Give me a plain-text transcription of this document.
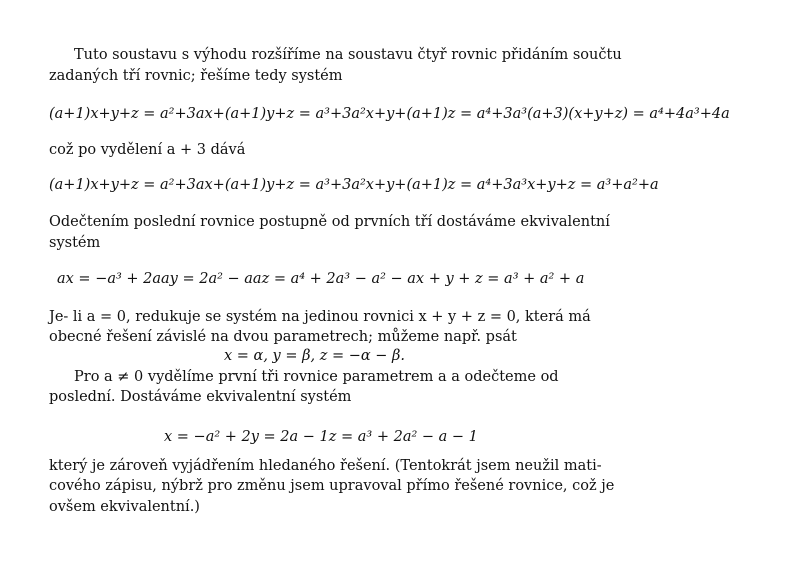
Tuto soustavu s výhodu rozšíříme na soustavu čtyř rovnic přidáním součtu
zadaných tří rovnic; řešíme tedy systém
(a+1)x+y+z = a²+3ax+(a+1)y+z = a³+3a²x+y+(a+1)z = a⁴+3a³(a+3)(x+y+z) = a⁴+4a³+4a
což po vydělení a + 3 dává
(a+1)x+y+z = a²+3ax+(a+1)y+z = a³+3a²x+y+(a+1)z = a⁴+3a³x+y+z = a³+a²+a
Odečtením poslední rovnice postupně od prvních tří dostáváme ekvivalentní
systém
ax = −a³ + 2aay = 2a² − aaz = a⁴ + 2a³ − a² − ax + y + z = a³ + a² + a
Je- li a = 0, redukuje se systém na jedinou rovnici x + y + z = 0, která má
obecné řešení závislé na dvou parametrech; můžeme např. psát
x = α, y = β, z = −α − β.
Pro a ≠ 0 vydělíme první tři rovnice parametrem a a odečteme od
poslední. Dostáváme ekvivalentní systém
x = −a² + 2y = 2a − 1z = a³ + 2a² − a − 1
který je zároveň vyjádřením hledaného řešení. (Tentokrát jsem neužil mati-
cového zápisu, nýbrž pro změnu jsem upravoval přímo řešené rovnice, což je
ovšem ekvivalentní.)
